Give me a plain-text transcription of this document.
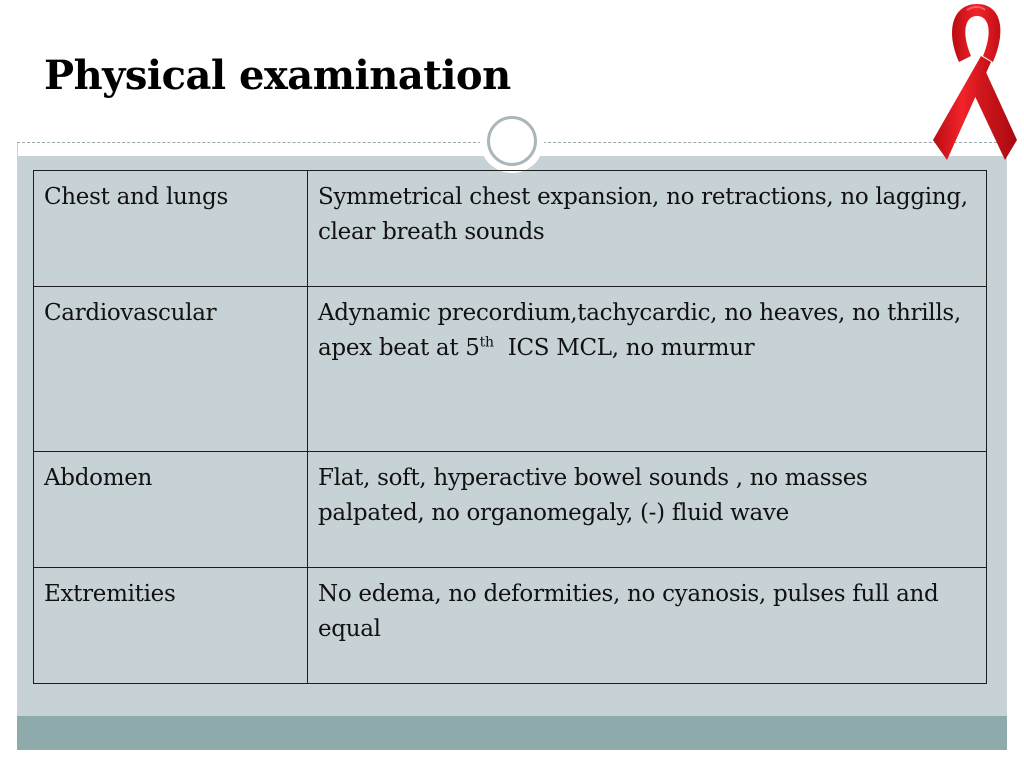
Physical examination
Chest and lungs	Symmetrical chest expansion, no retractions, no lagging, clear breath sounds
Cardiovascular	Adynamic precordium,tachycardic, no heaves, no thrills, apex beat at 5th  ICS MCL, no murmur
Abdomen	Flat, soft, hyperactive bowel sounds , no masses palpated, no organomegaly, (-) fluid wave
Extremities	No edema, no deformities, no cyanosis, pulses full and equal
